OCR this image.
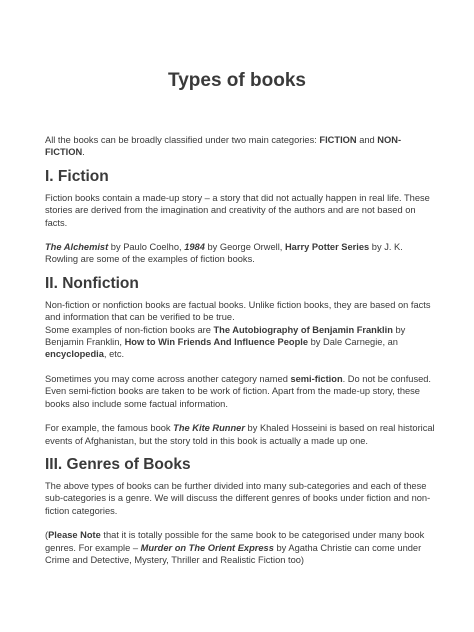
Types of books

All the books can be broadly classified under two main categories: FICTION and NON-FICTION.

I. Fiction

Fiction books contain a made-up story – a story that did not actually happen in real life. These stories are derived from the imagination and creativity of the authors and are not based on facts.

The Alchemist by Paulo Coelho, 1984 by George Orwell, Harry Potter Series by J. K. Rowling are some of the examples of fiction books.

II. Nonfiction

Non-fiction or nonfiction books are factual books. Unlike fiction books, they are based on facts and information that can be verified to be true.

Some examples of non-fiction books are The Autobiography of Benjamin Franklin by Benjamin Franklin, How to Win Friends And Influence People by Dale Carnegie, an encyclopedia, etc.

Sometimes you may come across another category named semi-fiction. Do not be confused. Even semi-fiction books are taken to be work of fiction. Apart from the made-up story, these books also include some factual information.

For example, the famous book The Kite Runner by Khaled Hosseini is based on real historical events of Afghanistan, but the story told in this book is actually a made up one.

III. Genres of Books

The above types of books can be further divided into many sub-categories and each of these sub-categories is a genre. We will discuss the different genres of books under fiction and non-fiction categories.

(Please Note that it is totally possible for the same book to be categorised under many book genres. For example – Murder on The Orient Express by Agatha Christie can come under Crime and Detective, Mystery, Thriller and Realistic Fiction too)
